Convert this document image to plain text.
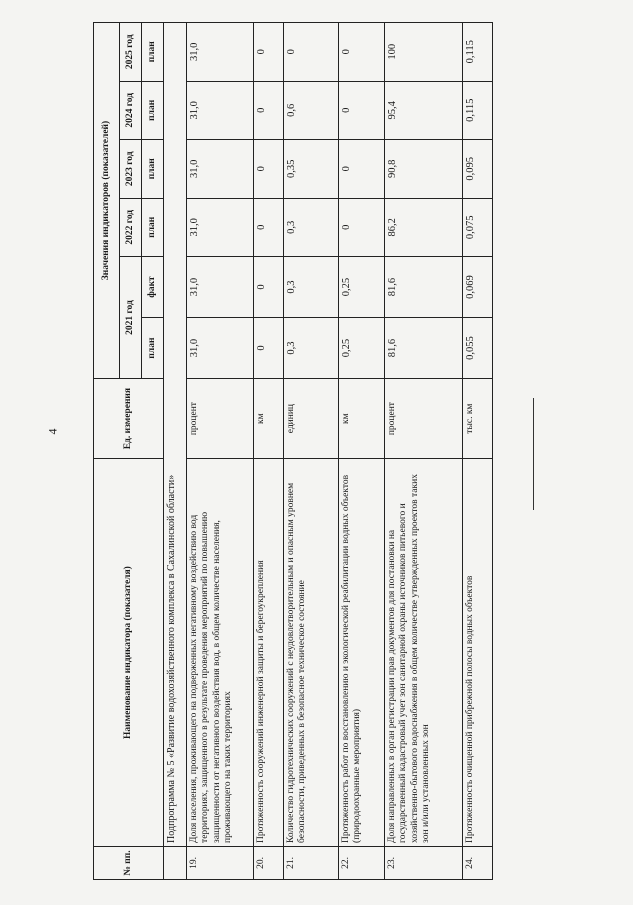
4
№ пп.	Наименование индикатора (показателя)	Ед. измерения	Значения индикаторов (показателей)					
			2021 год		2022 год	2023 год	2024 год	2025 год
			план	факт	план	план	план	план
	Подпрограмма № 5 «Развитие водохозяйственного комплекса в Сахалинской области»							
19.	Доля населения, проживающего на подверженных негативному воздействию вод территориях, защищенного в результате проведения мероприятий по повышению защищенности от негативного воздействия вод, в общем количестве населения, проживающего на таких территориях	процент	31,0	31,0	31,0	31,0	31,0	31,0
20.	Протяженность сооружений инженерной защиты и берегоукрепления	км	0	0	0	0	0	0
21.	Количество гидротехнических сооружений с неудовлетворительным и опасным уровнем безопасности, приведенных в безопасное техническое состояние	единиц	0,3	0,3	0,3	0,35	0,6	0
22.	Протяженность работ по восстановлению и экологической реабилитации водных объектов (природоохранные мероприятия)	км	0,25	0,25	0	0	0	0
23.	Доля направленных в орган регистрации прав документов для постановки на государственный кадастровый учет зон санитарной охраны источников питьевого и хозяйственно-бытового водоснабжения в общем количестве утвержденных проектов таких зон и/или установленных зон	процент	81,6	81,6	86,2	90,8	95,4	100
24.	Протяженность очищенной прибрежной полосы водных объектов	тыс. км	0,055	0,069	0,075	0,095	0,115	0,115
